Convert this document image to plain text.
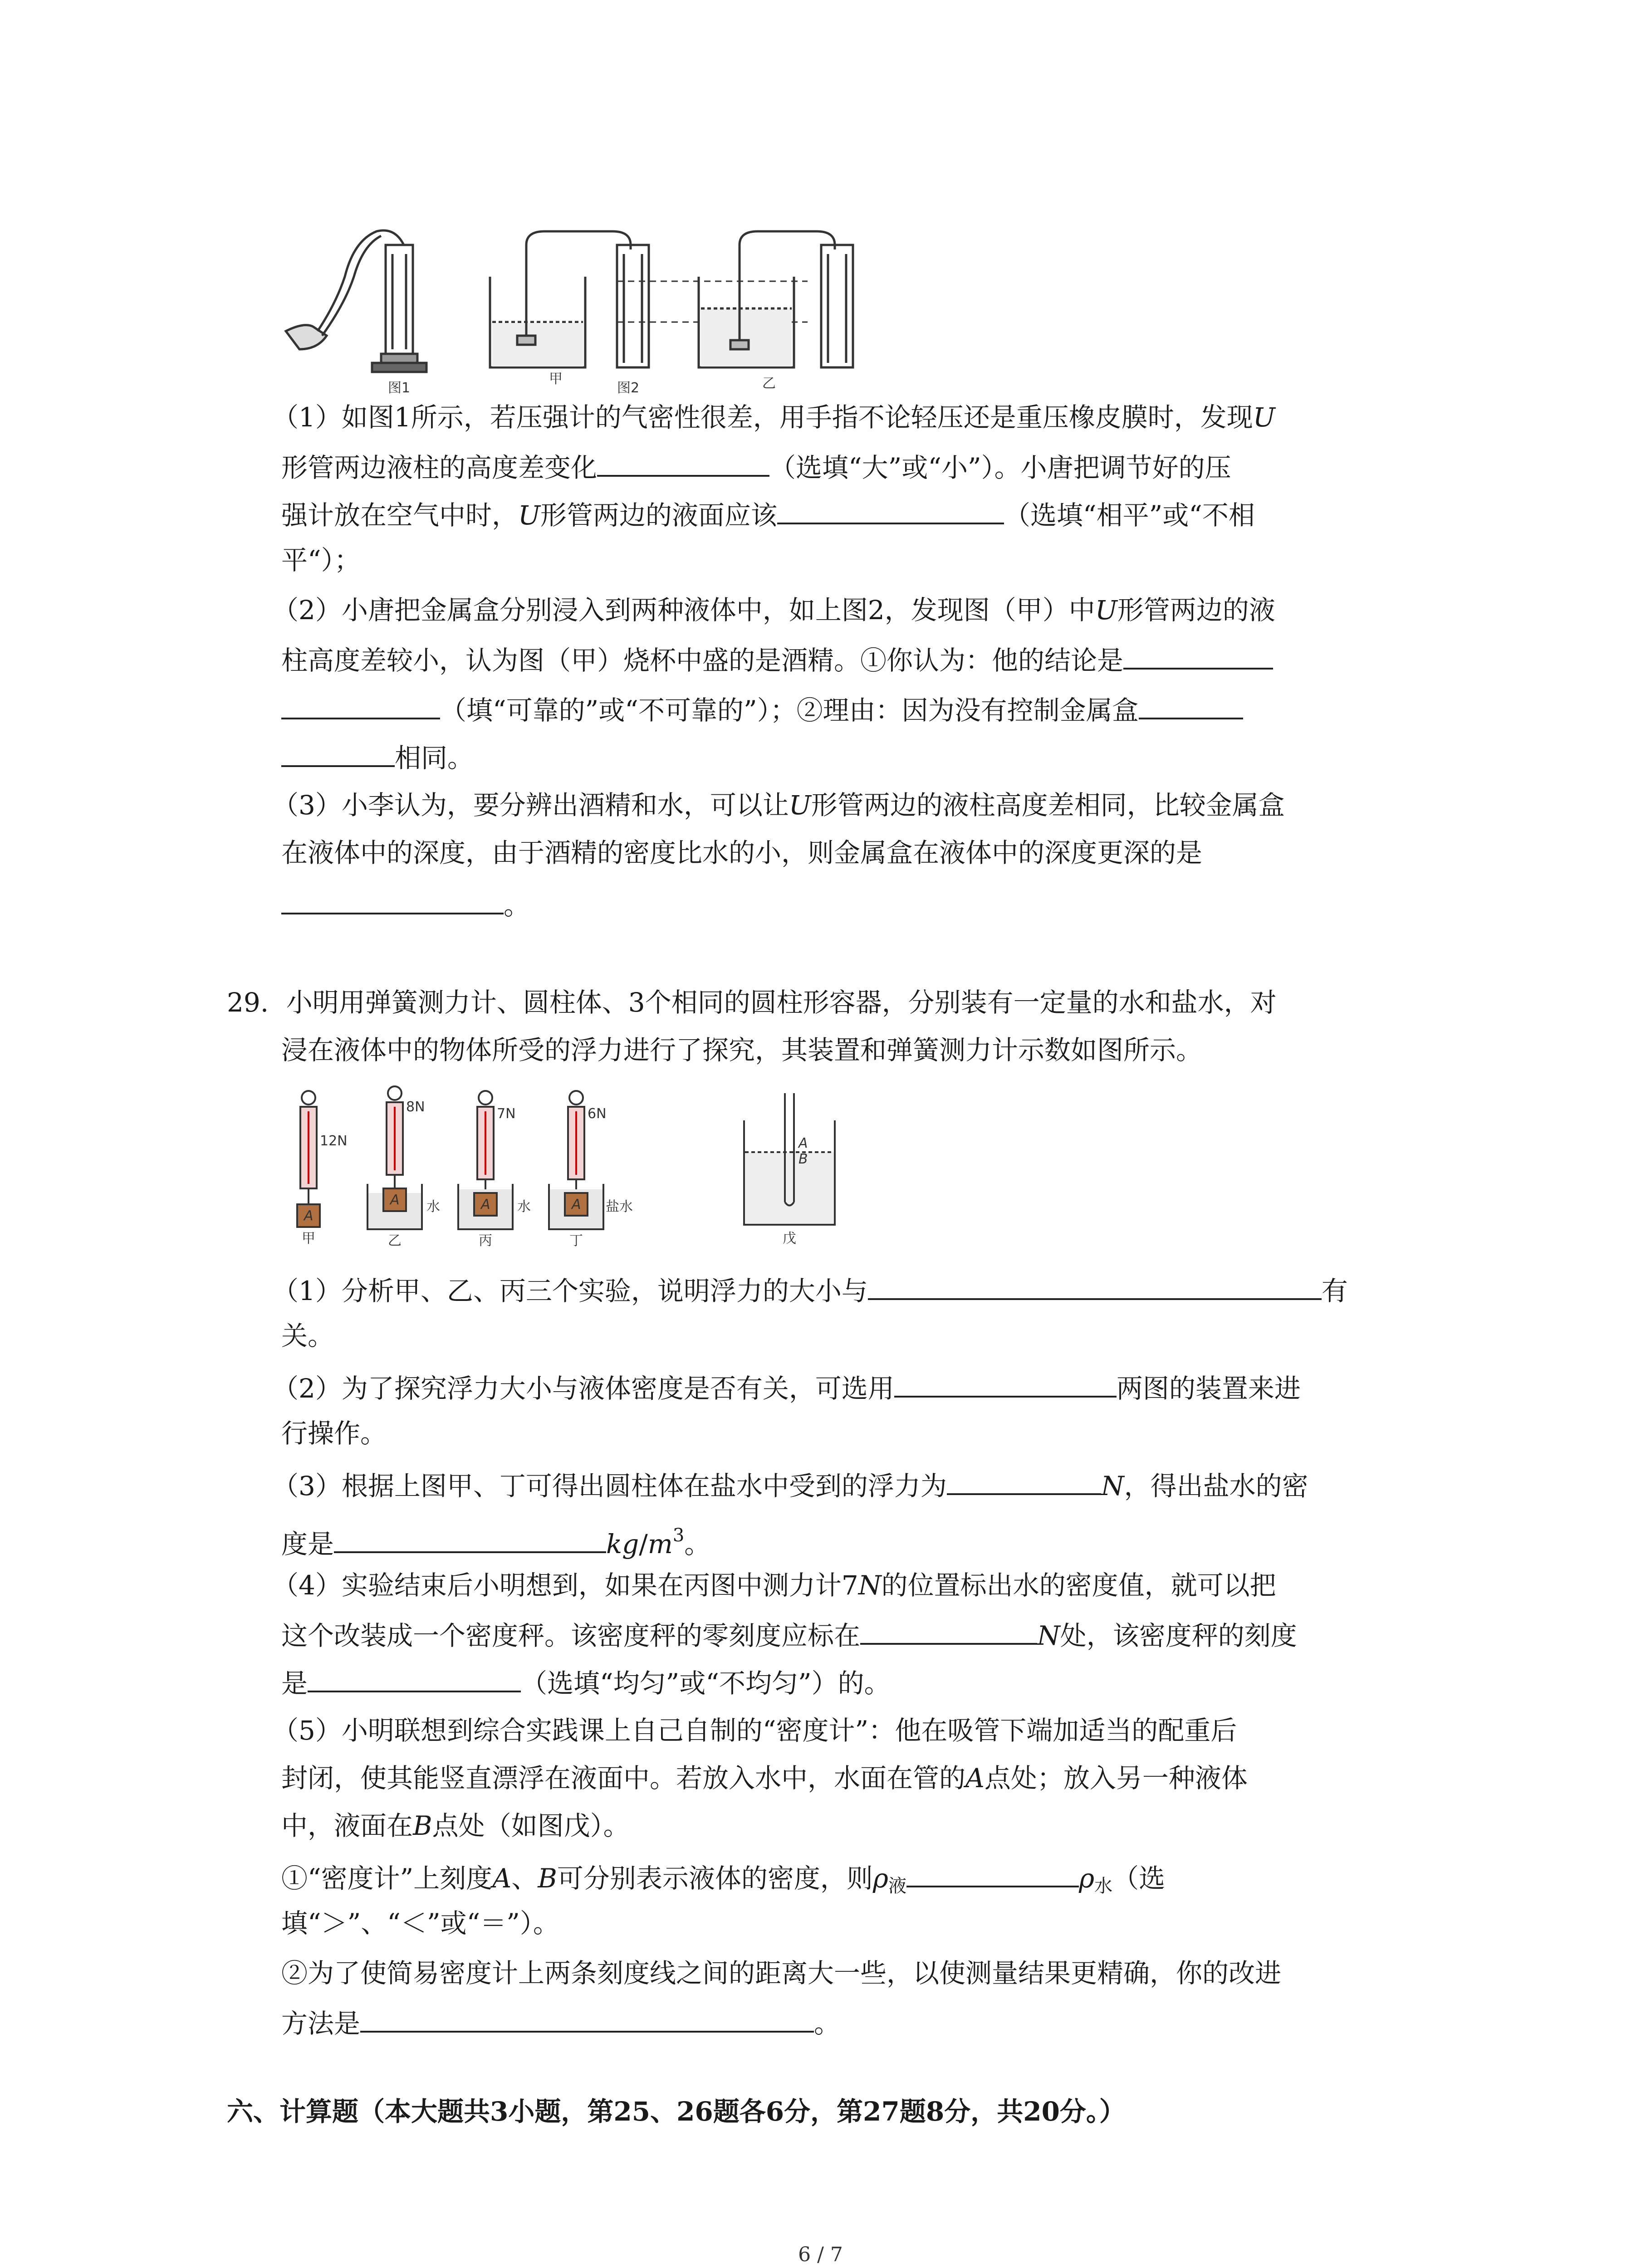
图1
甲
图2	乙
（1）如图1所示，若压强计的气密性很差，用手指不论轻压还是重压橡皮膜时，发现U
形管两边液柱的高度差变化	（选填“大”或“小”）。小唐把调节好的压
强计放在空气中时，U形管两边的液面应该	（选填“相平”或“不相
平“）；
（2）小唐把金属盒分别浸入到两种液体中，如上图2，发现图（甲）中U形管两边的液
柱高度差较小，认为图（甲）烧杯中盛的是酒精。①你认为：他的结论是
（填“可靠的”或“不可靠的”）；②理由：因为没有控制金属盒
相同。
（3）小李认为，要分辨出酒精和水，可以让U形管两边的液柱高度差相同，比较金属盒
在液体中的深度，由于酒精的密度比水的小，则金属盒在液体中的深度更深的是
。
29. 小明用弹簧测力计、圆柱体、3个相同的圆柱形容器，分别装有一定量的水和盐水，对
浸在液体中的物体所受的浮力进行了探究，其装置和弹簧测力计示数如图所示。
12N
A
甲
8N
A 水
乙
7N
A 水
丙
6N
A 盐水
丁
A
B
戊
（1）分析甲、乙、丙三个实验，说明浮力的大小与	有
关。
（2）为了探究浮力大小与液体密度是否有关，可选用	两图的装置来进
行操作。
（3）根据上图甲、丁可得出圆柱体在盐水中受到的浮力为	N，得出盐水的密
度是	$kg/m^3$。
（4）实验结束后小明想到，如果在丙图中测力计7N的位置标出水的密度值，就可以把
这个改装成一个密度秤。该密度秤的零刻度应标在	N处，该密度秤的刻度
是	（选填“均匀”或“不均匀”）的。
（5）小明联想到综合实践课上自己自制的“密度计”：他在吸管下端加适当的配重后
封闭，使其能竖直漂浮在液面中。若放入水中，水面在管的A点处；放入另一种液体
中，液面在B点处（如图戊）。
①“密度计”上刻度A、B可分别表示液体的密度，则$\rho_液$	$\rho_水$（选
填“＞”、“＜”或“＝”）。
②为了使简易密度计上两条刻度线之间的距离大一些，以使测量结果更精确，你的改进
方法是	。
六、计算题（本大题共3小题，第25、26题各6分，第27题8分，共20分。）
6 / 7
